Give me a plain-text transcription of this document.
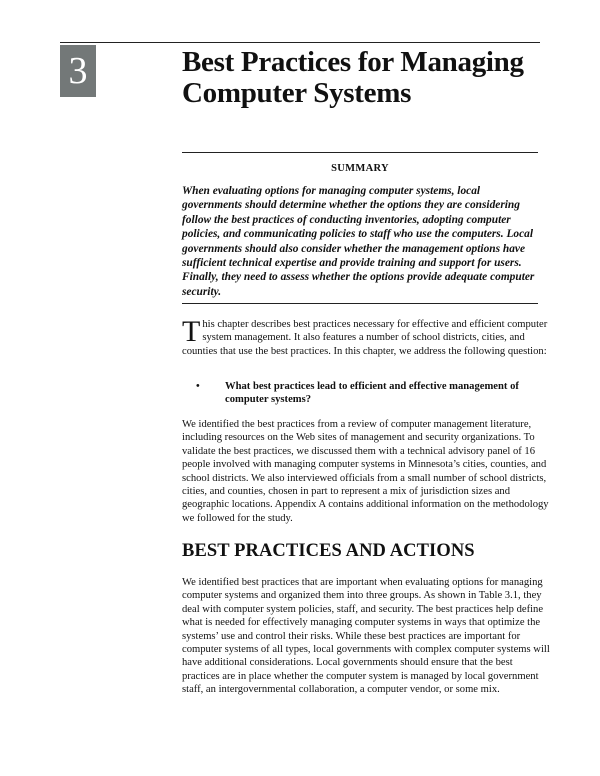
3	Best Practices for Managing
Computer Systems
SUMMARY

When evaluating options for managing computer systems, local governments should determine whether the options they are considering follow the best practices of conducting inventories, adopting computer policies, and communicating policies to staff who use the computers. Local governments should also consider whether the management options have sufficient technical expertise and provide training and support for users. Finally, they need to assess whether the options provide adequate computer security.

This chapter describes best practices necessary for effective and efficient computer system management. It also features a number of school districts, cities, and counties that use the best practices. In this chapter, we address the following question:

• What best practices lead to efficient and effective management of computer systems?

We identified the best practices from a review of computer management literature, including resources on the Web sites of management and security organizations. To validate the best practices, we discussed them with a technical advisory panel of 16 people involved with managing computer systems in Minnesota’s cities, counties, and school districts. We also interviewed officials from a small number of school districts, cities, and counties, chosen in part to represent a mix of jurisdiction sizes and geographic locations. Appendix A contains additional information on the methodology we followed for the study.

BEST PRACTICES AND ACTIONS

We identified best practices that are important when evaluating options for managing computer systems and organized them into three groups. As shown in Table 3.1, they deal with computer system policies, staff, and security. The best practices help define what is needed for effectively managing computer systems in ways that optimize the systems’ use and control their risks. While these best practices are important for computer systems of all types, local governments with complex computer systems will have additional considerations. Local governments should ensure that the best practices are in place whether the computer system is managed by local government staff, an intergovernmental collaboration, a computer vendor, or some mix.
